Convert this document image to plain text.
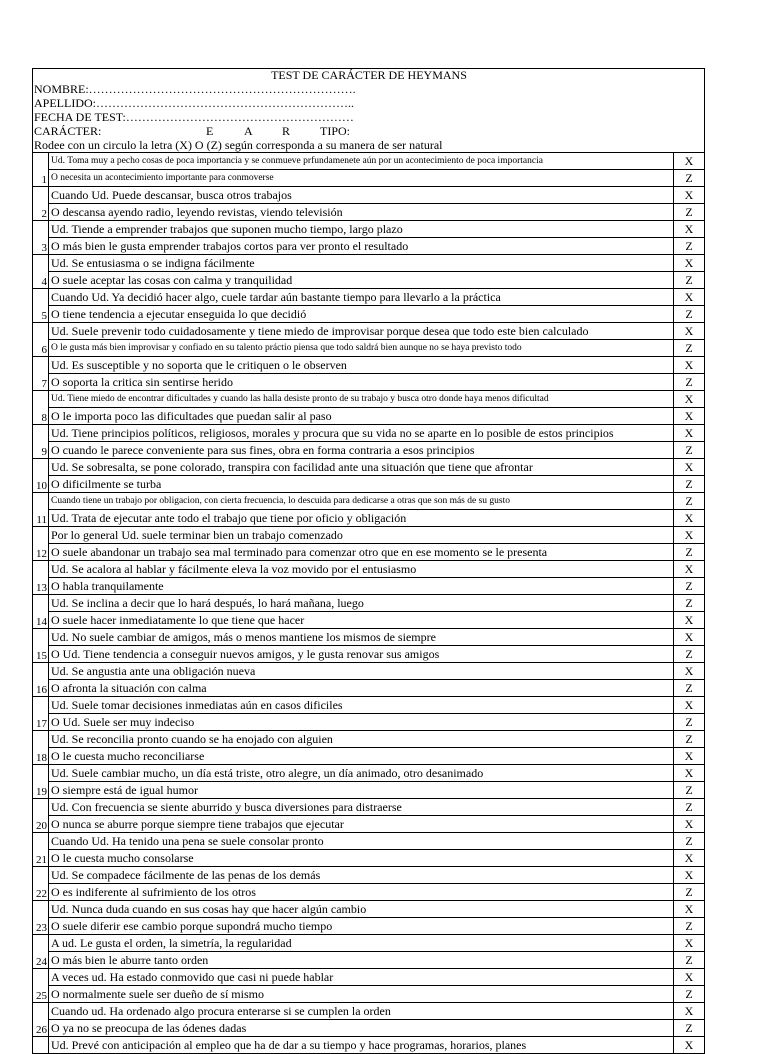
TEST DE CARÁCTER DE HEYMANS
NOMBRE:………………………………………………………….
APELLIDO:………………………………………………………..
FECHA DE TEST:…………………………………………………
CARÁCTER:	E	A R TIPO:
Rodee con un circulo la letra (X) O (Z) según corresponda a su manera de ser natural
1
Ud. Toma muy a pecho cosas de poca importancia y se conmueve prfundamenete aún por un acontecimiento de poca importancia	X
O necesita un acontecimiento importante para conmoverse	Z
2
Cuando Ud. Puede descansar, busca otros trabajos	X
O descansa ayendo radio, leyendo revistas, viendo televisión	Z
3
Ud. Tiende a emprender trabajos que suponen mucho tiempo, largo plazo	X
O más bien le gusta emprender trabajos cortos para ver pronto el resultado	Z
4
Ud. Se entusiasma o se indigna fácilmente	X
O suele aceptar las cosas con calma y tranquilidad	Z
5
Cuando Ud. Ya decidió hacer algo, cuele tardar aún bastante tiempo para llevarlo a la práctica	X
O tiene tendencia a ejecutar enseguida lo que decidió	Z
6
Ud. Suele prevenir todo cuidadosamente y tiene miedo de improvisar porque desea que todo este bien calculado	X
O le gusta más bien improvisar y confiado en su talento práctio piensa que todo saldrá bien aunque no se haya previsto todo	Z
7
Ud. Es susceptible y no soporta que le critiquen o le observen	X
O soporta la critica sin sentirse herido	Z
8
Ud. Tiene miedo de encontrar dificultades y cuando las halla desiste pronto de su trabajo y busca otro donde haya menos dificultad	X
O le importa poco las dificultades que puedan salir al paso	X
9
Ud. Tiene principios políticos, religiosos, morales y procura que su vida no se aparte en lo posible de estos principios	X
O cuando le parece conveniente para sus fines, obra en forma contraria a esos principios	Z
10
Ud. Se sobresalta, se pone colorado, transpira con facilidad ante una situación que tiene que afrontar	X
O dificilmente se turba	Z
11
Cuando tiene un trabajo por obligacion, con cierta frecuencia, lo descuida para dedicarse a otras que son más de su gusto	Z
Ud. Trata de ejecutar ante todo el trabajo que tiene por oficio y obligación	X
12
Por lo general Ud. suele terminar bien un trabajo comenzado	X
O suele abandonar un trabajo sea mal terminado para comenzar otro que en ese momento se le presenta	Z
13
Ud. Se acalora al hablar y fácilmente eleva la voz movido por el entusiasmo	X
O habla tranquilamente	Z
14
Ud. Se inclina a decir que lo hará después, lo hará mañana, luego	Z
O suele hacer inmediatamente lo que tiene que hacer	X
15
Ud. No suele cambiar de amigos, más o menos mantiene los mismos de siempre	X
O Ud. Tiene tendencia a conseguir nuevos amigos, y le gusta renovar sus amigos	Z
16
Ud. Se angustia ante una obligación nueva	X
O afronta la situación con calma	Z
17
Ud. Suele tomar decisiones inmediatas aún en casos dificiles	X
O Ud. Suele ser muy indeciso	Z
18
Ud. Se reconcilia pronto cuando se ha enojado con alguien	Z
O le cuesta mucho reconciliarse	X
19
Ud. Suele cambiar mucho, un día está triste, otro alegre, un día animado, otro desanimado	X
O siempre está de igual humor	Z
20
Ud. Con frecuencia se siente aburrido y busca diversiones para distraerse	Z
O nunca se aburre porque siempre tiene trabajos que ejecutar	X
21
Cuando Ud. Ha tenido una pena se suele consolar pronto	Z
O le cuesta mucho consolarse	X
22
Ud. Se compadece fácilmente de las penas de los demás	X
O es indiferente al sufrimiento de los otros	Z
23
Ud. Nunca duda cuando en sus cosas hay que hacer algún cambio	X
O suele diferir ese cambio porque supondrá mucho tiempo	Z
24
A ud. Le gusta el orden, la simetría, la regularidad	X
O más bien le aburre tanto orden	Z
25
A veces ud. Ha estado conmovido que casi ni puede hablar	X
O normalmente suele ser dueño de sí mismo	Z
26
Cuando ud. Ha ordenado algo procura enterarse si se cumplen la orden	X
O ya no se preocupa de las ódenes dadas	Z
Ud. Prevé con anticipación al empleo que ha de dar a su tiempo y hace programas, horarios, planes	X
